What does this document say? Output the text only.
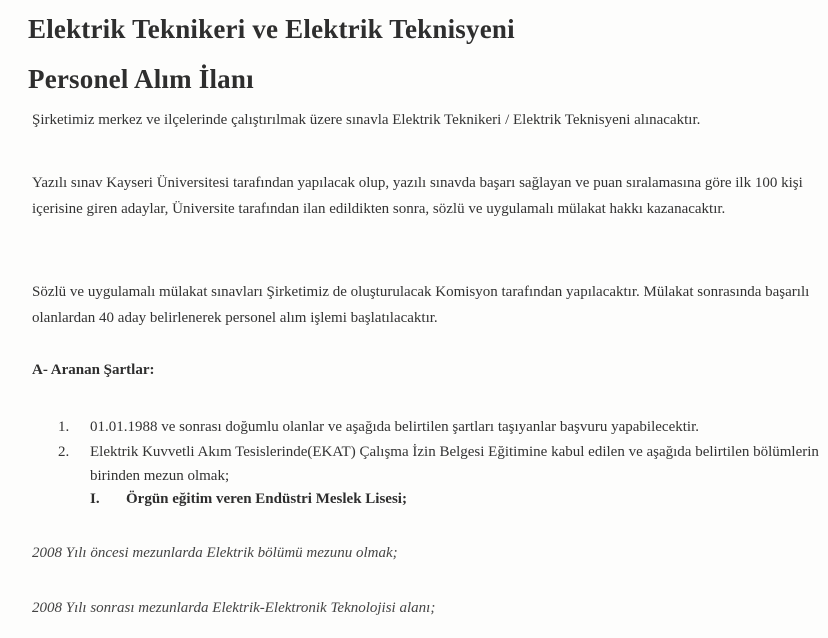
Elektrik Teknikeri ve Elektrik Teknisyeni
Personel Alım İlanı

Şirketimiz merkez ve ilçelerinde çalıştırılmak üzere sınavla Elektrik Teknikeri / Elektrik Teknisyeni alınacaktır.

Yazılı sınav Kayseri Üniversitesi tarafından yapılacak olup, yazılı sınavda başarı sağlayan ve puan sıralamasına göre ilk 100 kişi içerisine giren adaylar, Üniversite tarafından ilan edildikten sonra, sözlü ve uygulamalı mülakat hakkı kazanacaktır.

Sözlü ve uygulamalı mülakat sınavları Şirketimiz de oluşturulacak Komisyon tarafından yapılacaktır. Mülakat sonrasında başarılı olanlardan 40 aday belirlenerek personel alım işlemi başlatılacaktır.

A- Aranan Şartlar:

1. 01.01.1988 ve sonrası doğumlu olanlar ve aşağıda belirtilen şartları taşıyanlar başvuru yapabilecektir.
2. Elektrik Kuvvetli Akım Tesislerinde(EKAT) Çalışma İzin Belgesi Eğitimine kabul edilen ve aşağıda belirtilen bölümlerin birinden mezun olmak;

I. Örgün eğitim veren Endüstri Meslek Lisesi;

2008 Yılı öncesi mezunlarda Elektrik bölümü mezunu olmak;

2008 Yılı sonrası mezunlarda Elektrik-Elektronik Teknolojisi alanı;
